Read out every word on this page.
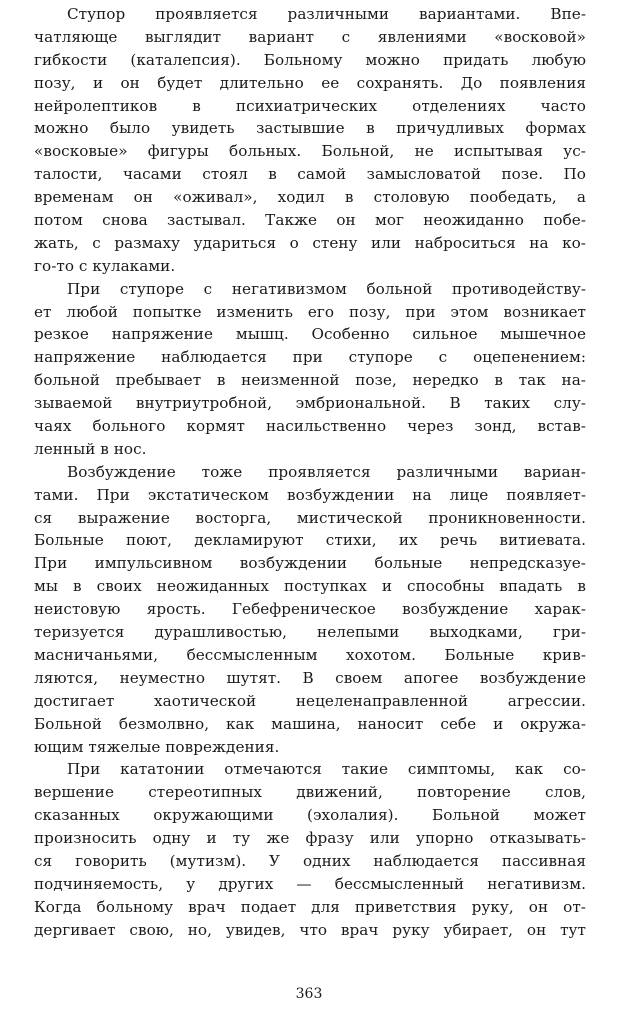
Ступор проявляется различными вариантами. Впе-
чатляюще выглядит вариант с явлениями «восковой»
гибкости (каталепсия). Больному можно придать любую
позу, и он будет длительно ее сохранять. До появления
нейролептиков в психиатрических отделениях часто
можно было увидеть застывшие в причудливых формах
«восковые» фигуры больных. Больной, не испытывая ус-
талости, часами стоял в самой замысловатой позе. По
временам он «оживал», ходил в столовую пообедать, а
потом снова застывал. Также он мог неожиданно побе-
жать, с размаху удариться о стену или наброситься на ко-
го-то с кулаками.
При ступоре с негативизмом больной противодейству-
ет любой попытке изменить его позу, при этом возникает
резкое напряжение мышц. Особенно сильное мышечное
напряжение наблюдается при ступоре с оцепенением:
больной пребывает в неизменной позе, нередко в так на-
зываемой внутриутробной, эмбриональной. В таких слу-
чаях больного кормят насильственно через зонд, встав-
ленный в нос.
Возбуждение тоже проявляется различными вариан-
тами. При экстатическом возбуждении на лице появляет-
ся выражение восторга, мистической проникновенности.
Больные поют, декламируют стихи, их речь витиевата.
При импульсивном возбуждении больные непредсказуе-
мы в своих неожиданных поступках и способны впадать в
неистовую ярость. Гебефреническое возбуждение харак-
теризуется дурашливостью, нелепыми выходками, гри-
масничаньями, бессмысленным хохотом. Больные крив-
ляются, неуместно шутят. В своем апогее возбуждение
достигает хаотической нецеленаправленной агрессии.
Больной безмолвно, как машина, наносит себе и окружа-
ющим тяжелые повреждения.
При кататонии отмечаются такие симптомы, как со-
вершение стереотипных движений, повторение слов,
сказанных окружающими (эхолалия). Больной может
произносить одну и ту же фразу или упорно отказывать-
ся говорить (мутизм). У одних наблюдается пассивная
подчиняемость, у других — бессмысленный негативизм.
Когда больному врач подает для приветствия руку, он от-
дергивает свою, но, увидев, что врач руку убирает, он тут
363
